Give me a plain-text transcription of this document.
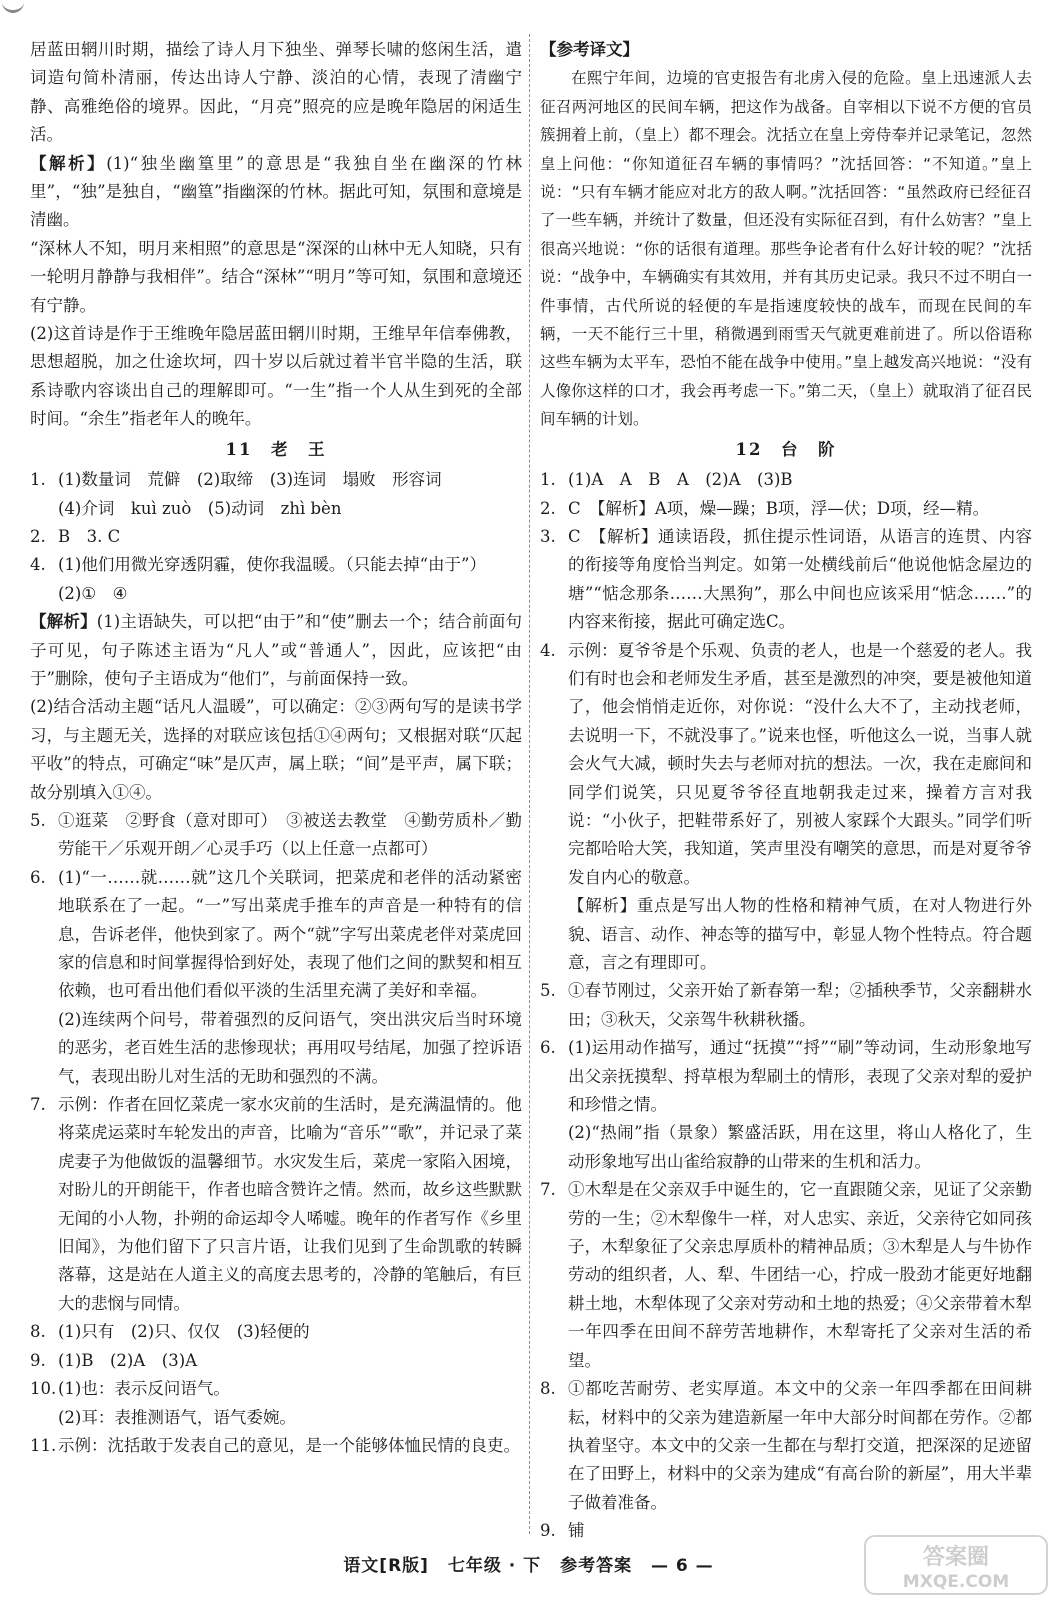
居蓝田辋川时期，描绘了诗人月下独坐、弹琴长啸的悠闲生活，遣词造句简朴清丽，传达出诗人宁静、淡泊的心情，表现了清幽宁静、高雅绝俗的境界。因此，“月亮”照亮的应是晚年隐居的闲适生活。

【解析】(1)“独坐幽篁里”的意思是“我独自坐在幽深的竹林里”，“独”是独自，“幽篁”指幽深的竹林。据此可知，氛围和意境是清幽。

“深林人不知，明月来相照”的意思是“深深的山林中无人知晓，只有一轮明月静静与我相伴”。结合“深林”“明月”等可知，氛围和意境还有宁静。

(2)这首诗是作于王维晚年隐居蓝田辋川时期，王维早年信奉佛教，思想超脱，加之仕途坎坷，四十岁以后就过着半官半隐的生活，联系诗歌内容谈出自己的理解即可。“一生”指一个人从生到死的全部时间。“余生”指老年人的晚年。

11　老　王
1. (1)数量词　荒僻　(2)取缔　(3)连词　塌败　形容词
(4)介词　kuì zuò　(5)动词　zhì bèn
2. B　3. C
4. (1)他们用微光穿透阴霾，使你我温暖。（只能去掉“由于”）
(2)①　④

【解析】(1)主语缺失，可以把“由于”和“使”删去一个；结合前面句子可见，句子陈述主语为“凡人”或“普通人”，因此，应该把“由于”删除，使句子主语成为“他们”，与前面保持一致。

(2)结合活动主题“话凡人温暖”，可以确定：②③两句写的是读书学习，与主题无关，选择的对联应该包括①④两句；又根据对联“仄起平收”的特点，可确定“味”是仄声，属上联；“间”是平声，属下联；故分别填入①④。

5. ①逛菜　②野食（意对即可）　③被送去教堂　④勤劳质朴／勤劳能干／乐观开朗／心灵手巧（以上任意一点都可）
6. (1)“一……就……就”这几个关联词，把菜虎和老伴的活动紧密地联系在了一起。“一”写出菜虎手推车的声音是一种特有的信息，告诉老伴，他快到家了。两个“就”字写出菜虎老伴对菜虎回家的信息和时间掌握得恰到好处，表现了他们之间的默契和相互依赖，也可看出他们看似平淡的生活里充满了美好和幸福。
(2)连续两个问号，带着强烈的反问语气，突出洪灾后当时环境的恶劣，老百姓生活的悲惨现状；再用叹号结尾，加强了控诉语气，表现出盼儿对生活的无助和强烈的不满。
7. 示例：作者在回忆菜虎一家水灾前的生活时，是充满温情的。他将菜虎运菜时车轮发出的声音，比喻为“音乐”“歌”，并记录了菜虎妻子为他做饭的温馨细节。水灾发生后，菜虎一家陷入困境，对盼儿的开朗能干，作者也暗含赞许之情。然而，故乡这些默默无闻的小人物，扑朔的命运却令人唏嘘。晚年的作者写作《乡里旧闻》，为他们留下了只言片语，让我们见到了生命凯歌的转瞬落幕，这是站在人道主义的高度去思考的，冷静的笔触后，有巨大的悲悯与同情。
8. (1)只有　(2)只、仅仅　(3)轻便的
9. (1)B　(2)A　(3)A
10. (1)也：表示反问语气。
(2)耳：表推测语气，语气委婉。
11. 示例：沈括敢于发表自己的意见，是一个能够体恤民情的良吏。
【参考译文】

在熙宁年间，边境的官吏报告有北虏入侵的危险。皇上迅速派人去征召两河地区的民间车辆，把这作为战备。自宰相以下说不方便的官员簇拥着上前，（皇上）都不理会。沈括立在皇上旁侍奉并记录笔记，忽然皇上问他：“你知道征召车辆的事情吗？”沈括回答：“不知道。”皇上说：“只有车辆才能应对北方的敌人啊。”沈括回答：“虽然政府已经征召了一些车辆，并统计了数量，但还没有实际征召到，有什么妨害？”皇上很高兴地说：“你的话很有道理。那些争论者有什么好计较的呢？”沈括说：“战争中，车辆确实有其效用，并有其历史记录。我只不过不明白一件事情，古代所说的轻便的车是指速度较快的战车，而现在民间的车辆，一天不能行三十里，稍微遇到雨雪天气就更难前进了。所以俗语称这些车辆为太平车，恐怕不能在战争中使用。”皇上越发高兴地说：“没有人像你这样的口才，我会再考虑一下。”第二天，（皇上）就取消了征召民间车辆的计划。

12　台　阶
1. (1)A　A　B　A　(2)A　(3)B
2. C　【解析】A项，燥—躁；B项，浮—伏；D项，经—精。
3. C　【解析】通读语段，抓住提示性词语，从语言的连贯、内容的衔接等角度恰当判定。如第一处横线前后“他说他惦念屋边的塘”“惦念那条……大黑狗”，那么中间也应该采用“惦念……”的内容来衔接，据此可确定选C。
4. 示例：夏爷爷是个乐观、负责的老人，也是一个慈爱的老人。我们有时也会和老师发生矛盾，甚至是激烈的冲突，要是被他知道了，他会悄悄走近你，对你说：“没什么大不了，主动找老师，去说明一下，不就没事了。”说来也怪，听他这么一说，当事人就会火气大减，顿时失去与老师对抗的想法。一次，我在走廊间和同学们说笑，只见夏爷爷径直地朝我走过来，操着方言对我说：“小伙子，把鞋带系好了，别被人家踩个大跟头。”同学们听完都哈哈大笑，我知道，笑声里没有嘲笑的意思，而是对夏爷爷发自内心的敬意。
【解析】重点是写出人物的性格和精神气质，在对人物进行外貌、语言、动作、神态等的描写中，彰显人物个性特点。符合题意，言之有理即可。
5. ①春节刚过，父亲开始了新春第一犁；②插秧季节，父亲翻耕水田；③秋天，父亲驾牛秋耕秋播。
6. (1)运用动作描写，通过“抚摸”“捋”“刷”等动词，生动形象地写出父亲抚摸犁、捋草根为犁刷土的情形，表现了父亲对犁的爱护和珍惜之情。
(2)“热闹”指（景象）繁盛活跃，用在这里，将山人格化了，生动形象地写出山雀给寂静的山带来的生机和活力。
7. ①木犁是在父亲双手中诞生的，它一直跟随父亲，见证了父亲勤劳的一生；②木犁像牛一样，对人忠实、亲近，父亲待它如同孩子，木犁象征了父亲忠厚质朴的精神品质；③木犁是人与牛协作劳动的组织者，人、犁、牛团结一心，拧成一股劲才能更好地翻耕土地，木犁体现了父亲对劳动和土地的热爱；④父亲带着木犁一年四季在田间不辞劳苦地耕作，木犁寄托了父亲对生活的希望。
8. ①都吃苦耐劳、老实厚道。本文中的父亲一年四季都在田间耕耘，材料中的父亲为建造新屋一年中大部分时间都在劳作。②都执着坚守。本文中的父亲一生都在与犁打交道，把深深的足迹留在了田野上，材料中的父亲为建成“有高台阶的新屋”，用大半辈子做着准备。
9. 铺
语文[R版] 七年级 · 下 参考答案 — 6 —	答案圈
MXQE.COM
